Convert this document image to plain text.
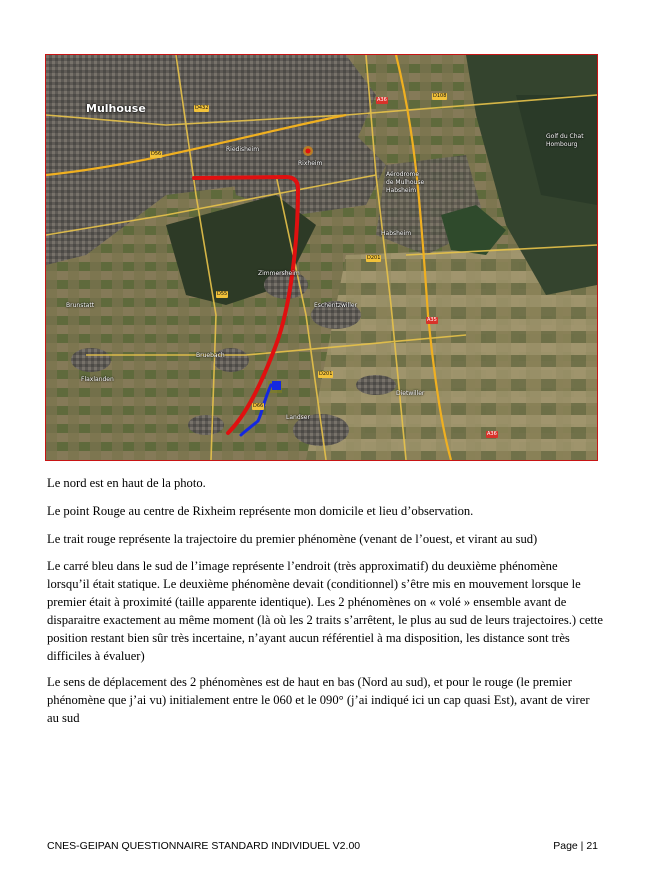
Mulhouse
Riedisheim
Rixheim
Aérodrome
de Mulhouse
Habsheim
Habsheim
Zimmersheim
Eschentzwiller
Brunstatt
Flaxlanden
Landser
Dietwiller
Bruebach
Golf du Chat
Hombourg
D432
A36
D56
D108
D201
A35
D55
D201
A36
D66

Le nord est en haut de la photo.

Le point Rouge au centre de Rixheim représente mon domicile et lieu d’observation.

Le trait rouge représente la trajectoire du premier phénomène (venant de l’ouest, et virant au sud)

Le carré bleu dans le sud de l’image représente l’endroit (très approximatif) du deuxième phénomène lorsqu’il était statique. Le deuxième phénomène devait (conditionnel) s’être mis en mouvement lorsque le premier était à proximité (taille apparente identique). Les 2 phénomènes on « volé » ensemble avant de disparaitre exactement au même moment (là où les 2 traits s’arrêtent, le plus au sud de leurs trajectoires.) cette position restant bien sûr très incertaine, n’ayant aucun référentiel à ma disposition, les distance sont très difficiles à évaluer)

Le sens de déplacement des 2 phénomènes est de haut en bas (Nord au sud), et pour le rouge (le premier phénomène que j’ai vu) initialement entre le 060 et le 090° (j’ai indiqué ici un cap quasi Est), avant de virer au sud

CNES-GEIPAN QUESTIONNAIRE STANDARD INDIVIDUEL V2.00	Page | 21
